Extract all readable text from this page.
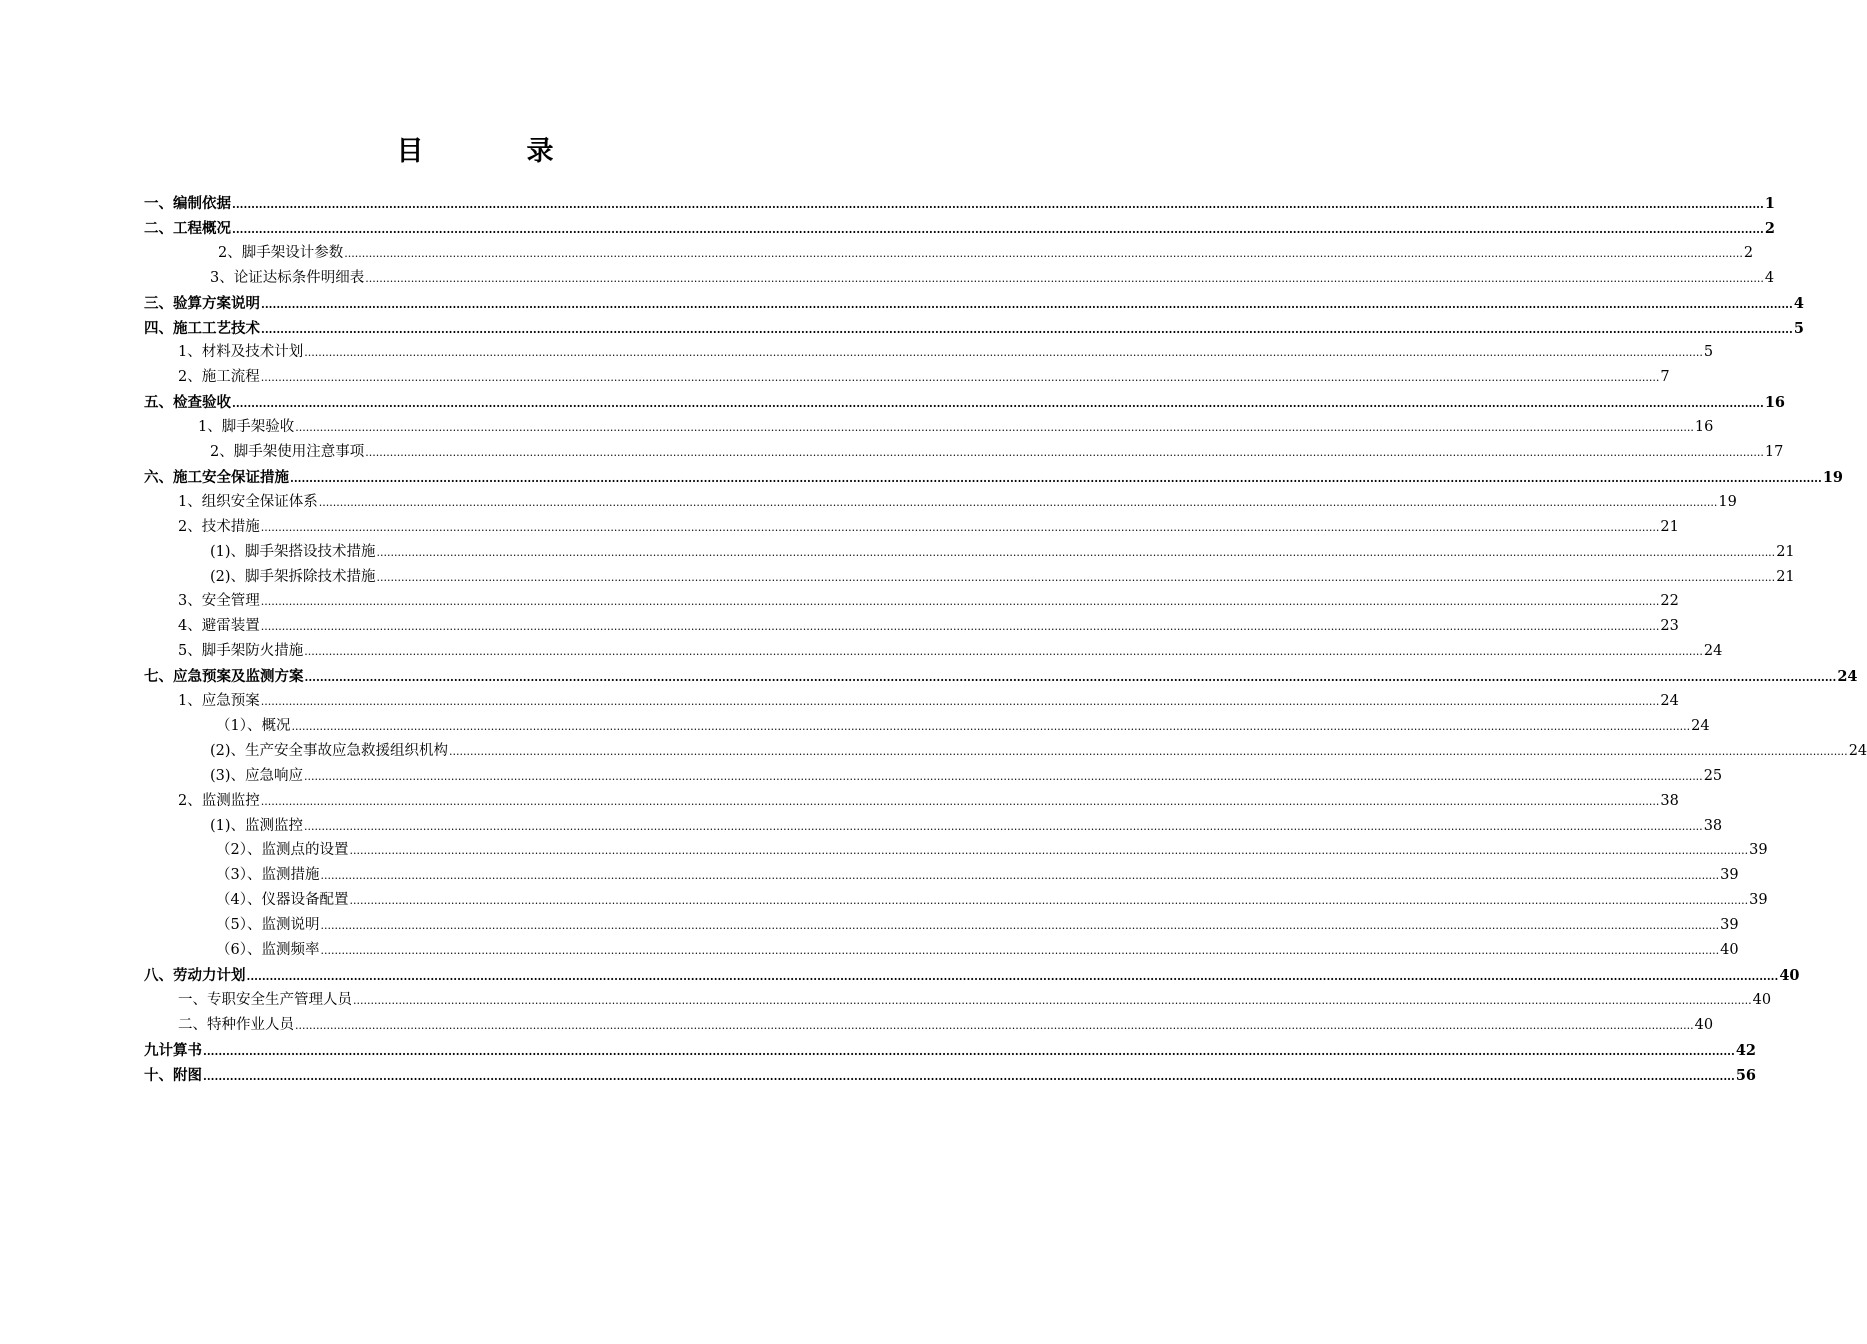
目　录
一、编制依据 ................................................................................................................................................................................................................................................................................................................................................................................................................ 1
二、工程概况 ................................................................................................................................................................................................................................................................................................................................................................................................................ 2
2、脚手架设计参数 ................................................................................................................................................................................................................................................................................................................................................................................................................ 2
3、论证达标条件明细表 ................................................................................................................................................................................................................................................................................................................................................................................................................ 4
三、验算方案说明 ................................................................................................................................................................................................................................................................................................................................................................................................................ 4
四、施工工艺技术 ................................................................................................................................................................................................................................................................................................................................................................................................................ 5
1、材料及技术计划 ................................................................................................................................................................................................................................................................................................................................................................................................................ 5
2、施工流程 ................................................................................................................................................................................................................................................................................................................................................................................................................ 7
五、检查验收 ................................................................................................................................................................................................................................................................................................................................................................................................................ 16
1、脚手架验收 ................................................................................................................................................................................................................................................................................................................................................................................................................ 16
2、脚手架使用注意事项 ................................................................................................................................................................................................................................................................................................................................................................................................................ 17
六、施工安全保证措施 ................................................................................................................................................................................................................................................................................................................................................................................................................ 19
1、组织安全保证体系 ................................................................................................................................................................................................................................................................................................................................................................................................................ 19
2、技术措施 ................................................................................................................................................................................................................................................................................................................................................................................................................ 21
(1)、脚手架搭设技术措施 ................................................................................................................................................................................................................................................................................................................................................................................................................ 21
(2)、脚手架拆除技术措施 ................................................................................................................................................................................................................................................................................................................................................................................................................ 21
3、安全管理 ................................................................................................................................................................................................................................................................................................................................................................................................................ 22
4、避雷装置 ................................................................................................................................................................................................................................................................................................................................................................................................................ 23
5、脚手架防火措施 ................................................................................................................................................................................................................................................................................................................................................................................................................ 24
七、应急预案及监测方案 ................................................................................................................................................................................................................................................................................................................................................................................................................ 24
1、应急预案 ................................................................................................................................................................................................................................................................................................................................................................................................................ 24
（1）、概况 ................................................................................................................................................................................................................................................................................................................................................................................................................ 24
(2)、生产安全事故应急救援组织机构 ................................................................................................................................................................................................................................................................................................................................................................................................................ 24
(3)、应急响应 ................................................................................................................................................................................................................................................................................................................................................................................................................ 25
2、监测监控 ................................................................................................................................................................................................................................................................................................................................................................................................................ 38
(1)、监测监控 ................................................................................................................................................................................................................................................................................................................................................................................................................ 38
（2）、监测点的设置 ................................................................................................................................................................................................................................................................................................................................................................................................................ 39
（3）、监测措施 ................................................................................................................................................................................................................................................................................................................................................................................................................ 39
（4）、仪器设备配置 ................................................................................................................................................................................................................................................................................................................................................................................................................ 39
（5）、监测说明 ................................................................................................................................................................................................................................................................................................................................................................................................................ 39
（6）、监测频率 ................................................................................................................................................................................................................................................................................................................................................................................................................ 40
八、劳动力计划 ................................................................................................................................................................................................................................................................................................................................................................................................................ 40
一、专职安全生产管理人员 ................................................................................................................................................................................................................................................................................................................................................................................................................ 40
二、特种作业人员 ................................................................................................................................................................................................................................................................................................................................................................................................................ 40
九计算书 ................................................................................................................................................................................................................................................................................................................................................................................................................ 42
十、附图 ................................................................................................................................................................................................................................................................................................................................................................................................................ 56
